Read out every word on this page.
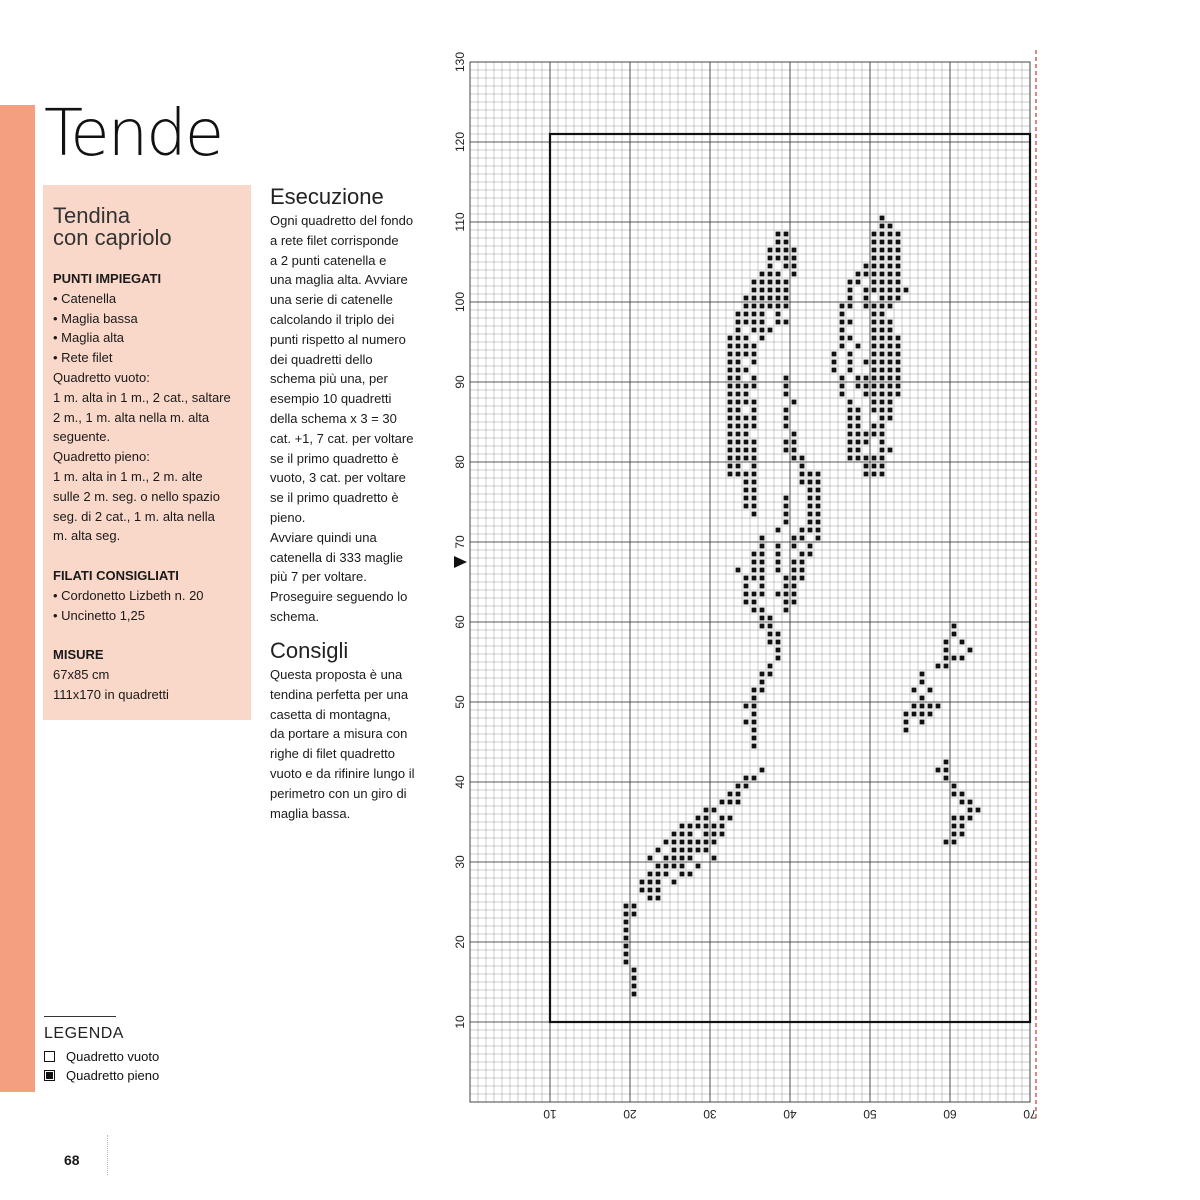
Tende
Tendina
con capriolo
PUNTI IMPIEGATI
• Catenella
• Maglia bassa
• Maglia alta
• Rete filet
Quadretto vuoto:
1 m. alta in 1 m., 2 cat., saltare
2 m., 1 m. alta nella m. alta
seguente.
Quadretto pieno:
1 m. alta in 1 m., 2 m. alte
sulle 2 m. seg. o nello spazio
seg. di 2 cat., 1 m. alta nella
m. alta seg.
FILATI CONSIGLIATI
• Cordonetto Lizbeth n. 20
• Uncinetto 1,25
MISURE
67x85 cm
111x170 in quadretti
Esecuzione
Ogni quadretto del fondo
a rete filet corrisponde
a 2 punti catenella e
una maglia alta. Avviare
una serie di catenelle
calcolando il triplo dei
punti rispetto al numero
dei quadretti dello
schema più una, per
esempio 10 quadretti
della schema x 3 = 30
cat. +1, 7 cat. per voltare
se il primo quadretto è
vuoto, 3 cat. per voltare
se il primo quadretto è
pieno.
Avviare quindi una
catenella di 333 maglie
più 7 per voltare.
Proseguire seguendo lo
schema.
Consigli
Questa proposta è una
tendina perfetta per una
casetta di montagna,
da portare a misura con
righe di filet quadretto
vuoto e da rifinire lungo il
perimetro con un giro di
maglia bassa.
LEGENDA
Quadretto vuoto
Quadretto pieno
68
10
20
30
40
50
60
70
80
90
100
110
120
130
10	20	30	40	50	60	70
